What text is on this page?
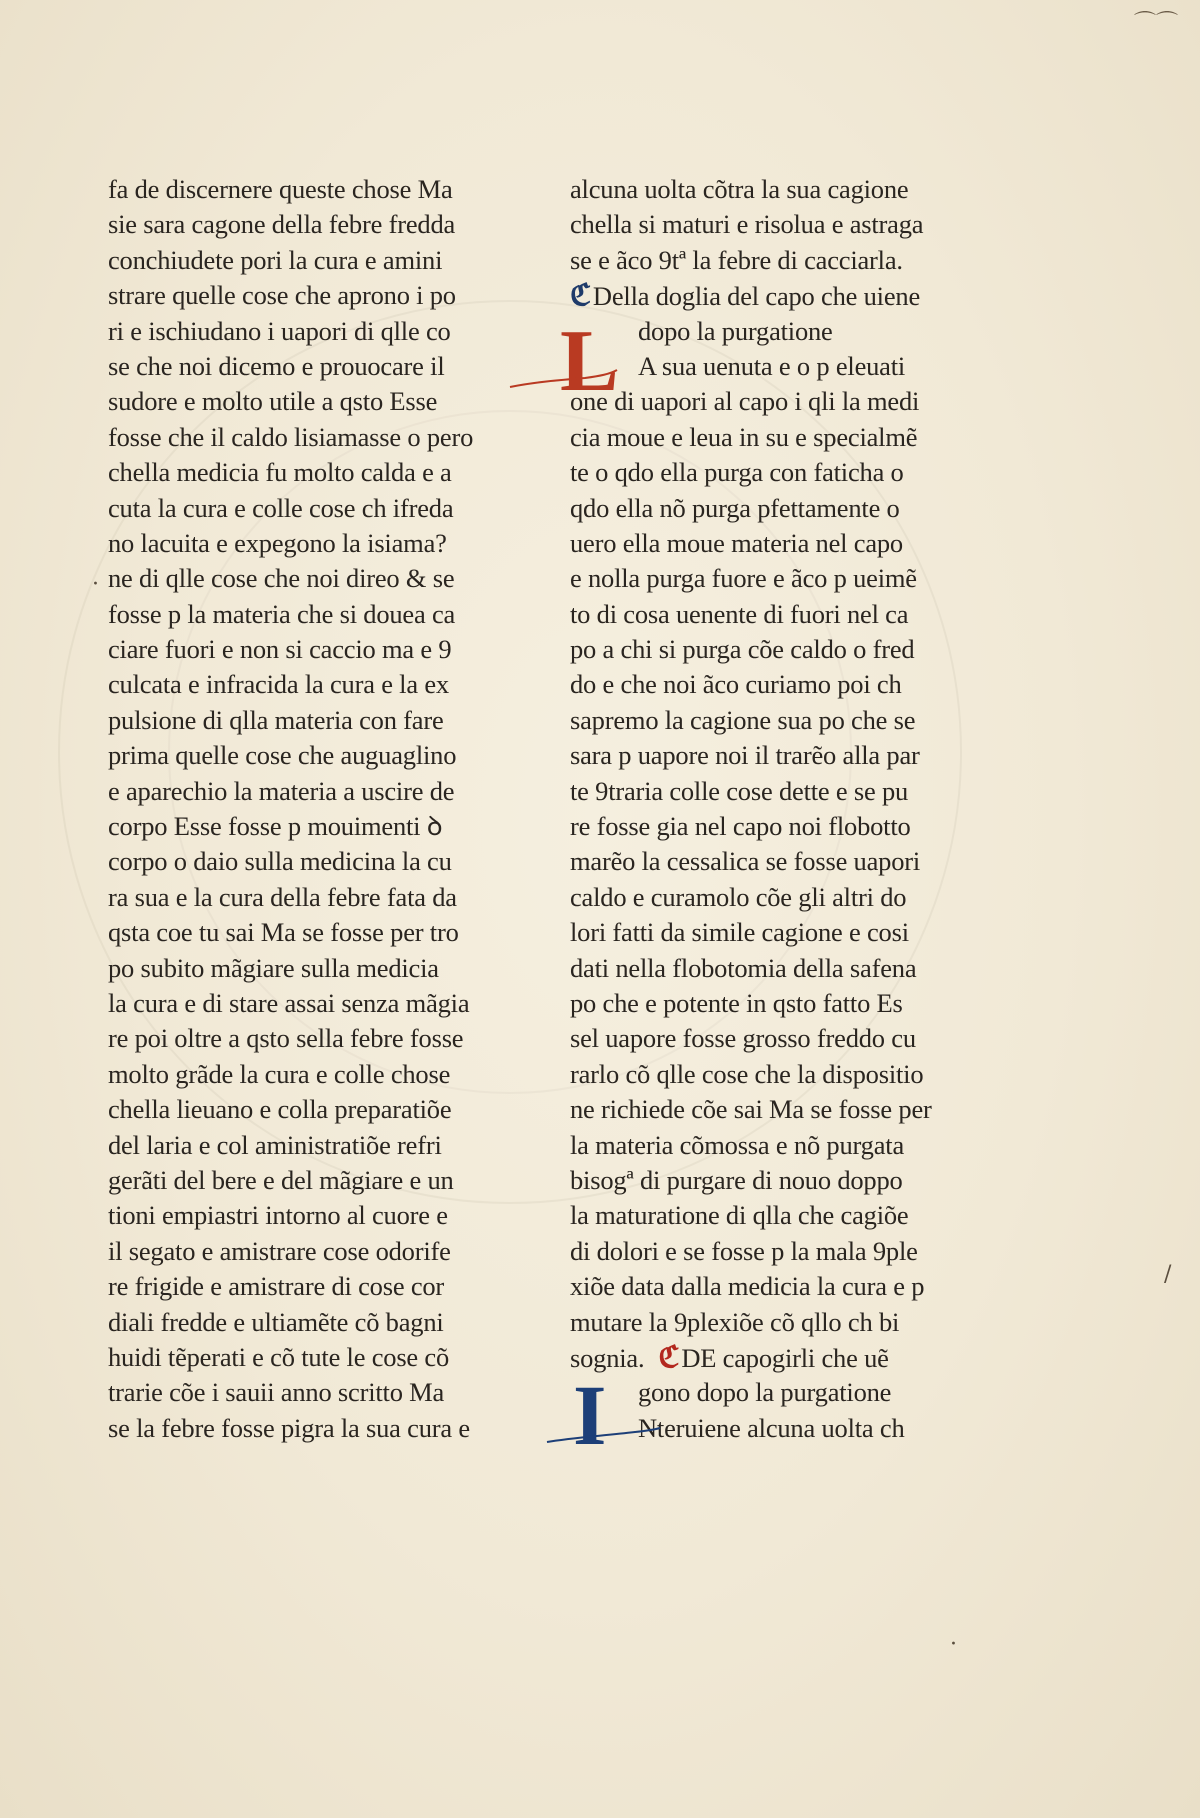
⌒⌒
fa de discernere queste chose Ma
sie sara cagone della febre fredda
conchiudete pori la cura e amini
strare quelle cose che aprono i po
ri e ischiudano i uapori di qlle co
se che noi dicemo e prouocare il
sudore e molto utile a qsto Esse
fosse che il caldo lisiamasse o pero
chella medicia fu molto calda e a
cuta la cura e colle cose ch ifreda
no lacuita e expegono la isiama?
ne di qlle cose che noi direo & se
fosse p la materia che si douea ca
ciare fuori e non si caccio ma e 9
culcata e infracida la cura e la ex
pulsione di qlla materia con fare
prima quelle cose che auguaglino
e aparechio la materia a uscire de
corpo Esse fosse p mouimenti ꝺ
corpo o daio sulla medicina la cu
ra sua e la cura della febre fata da
qsta coe tu sai Ma se fosse per tro
po subito mãgiare sulla medicia
la cura e di stare assai senza mãgia
re poi oltre a qsto sella febre fosse
molto grãde la cura e colle chose
chella lieuano e colla preparatiõe
del laria e col aministratiõe refri
gerãti del bere e del mãgiare e un
tioni empiastri intorno al cuore e
il segato e amistrare cose odorife
re frigide e amistrare di cose cor
diali fredde e ultiamẽte cõ bagni
huidi tẽperati e cõ tute le cose cõ
trarie cõe i sauii anno scritto Ma
se la febre fosse pigra la sua cura e
alcuna uolta cõtra la sua cagione
chella si maturi e risolua e astraga
se e ãco 9tª la febre di cacciarla.
ℭDella doglia del capo che uiene
dopo la purgatione
A sua uenuta e o p eleuati
one di uapori al capo i qli la medi
cia moue e leua in su e specialmẽ
te o qdo ella purga con faticha o
qdo ella nõ purga pfettamente o
uero ella moue materia nel capo
e nolla purga fuore e ãco p ueimẽ
to di cosa uenente di fuori nel ca
po a chi si purga cõe caldo o fred
do e che noi ãco curiamo poi ch
sapremo la cagione sua po che se
sara p uapore noi il trarẽo alla par
te 9traria colle cose dette e se pu
re fosse gia nel capo noi flobotto
marẽo la cessalica se fosse uapori
caldo e curamolo cõe gli altri do
lori fatti da simile cagione e cosi
dati nella flobotomia della safena
po che e potente in qsto fatto Es
sel uapore fosse grosso freddo cu
rarlo cõ qlle cose che la dispositio
ne richiede cõe sai Ma se fosse per
la materia cõmossa e nõ purgata
bisogª di purgare di nouo doppo
la maturatione di qlla che cagiõe
di dolori e se fosse p la mala 9ple
xiõe data dalla medicia la cura e p
mutare la 9plexiõe cõ qllo ch bi
sognia. ℭDE capogirli che uẽ
gono dopo la purgatione
Nteruiene alcuna uolta ch
L
I
·
/
·
